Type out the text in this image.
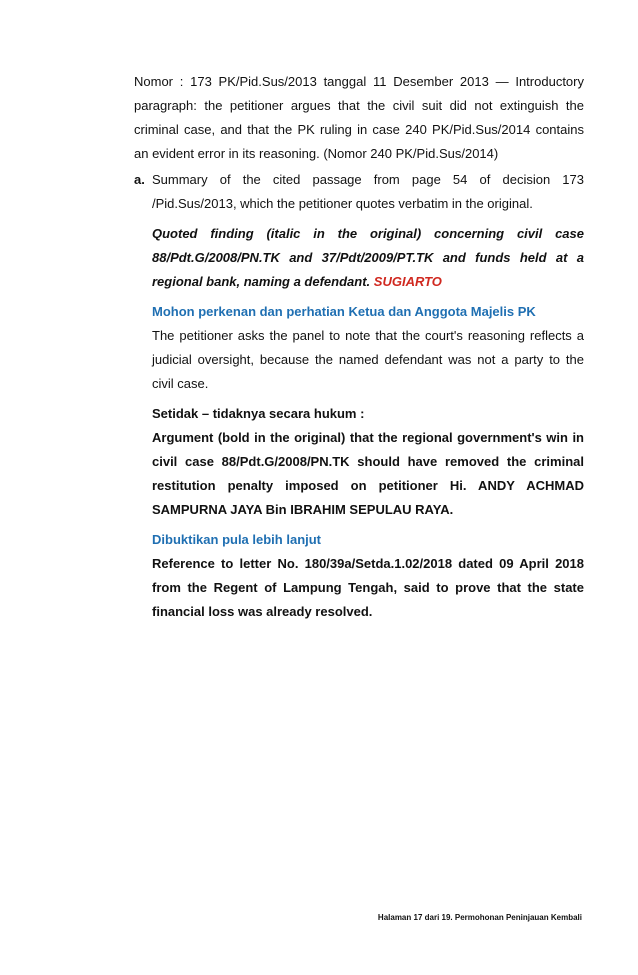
Nomor : 173 PK/Pid.Sus/2013 tanggal 11 Desember 2013 — Introductory paragraph: the petitioner argues that the civil suit did not extinguish the criminal case, and that the PK ruling in case 240 PK/Pid.Sus/2014 contains an evident error in its reasoning. (Nomor 240 PK/Pid.Sus/2014)

a. Summary of the cited passage from page 54 of decision 173 /Pid.Sus/2013, which the petitioner quotes verbatim in the original.

Quoted finding (italic in the original) concerning civil case 88/Pdt.G/2008/PN.TK and 37/Pdt/2009/PT.TK and funds held at a regional bank, naming a defendant. SUGIARTO

Mohon perkenan dan perhatian Ketua dan Anggota Majelis PK

The petitioner asks the panel to note that the court's reasoning reflects a judicial oversight, because the named defendant was not a party to the civil case.

Setidak – tidaknya secara hukum :

Argument (bold in the original) that the regional government's win in civil case 88/Pdt.G/2008/PN.TK should have removed the criminal restitution penalty imposed on petitioner Hi. ANDY ACHMAD SAMPURNA JAYA Bin IBRAHIM SEPULAU RAYA.

Dibuktikan pula lebih lanjut

Reference to letter No. 180/39a/Setda.1.02/2018 dated 09 April 2018 from the Regent of Lampung Tengah, said to prove that the state financial loss was already resolved.

Halaman 17 dari 19. Permohonan Peninjauan Kembali
